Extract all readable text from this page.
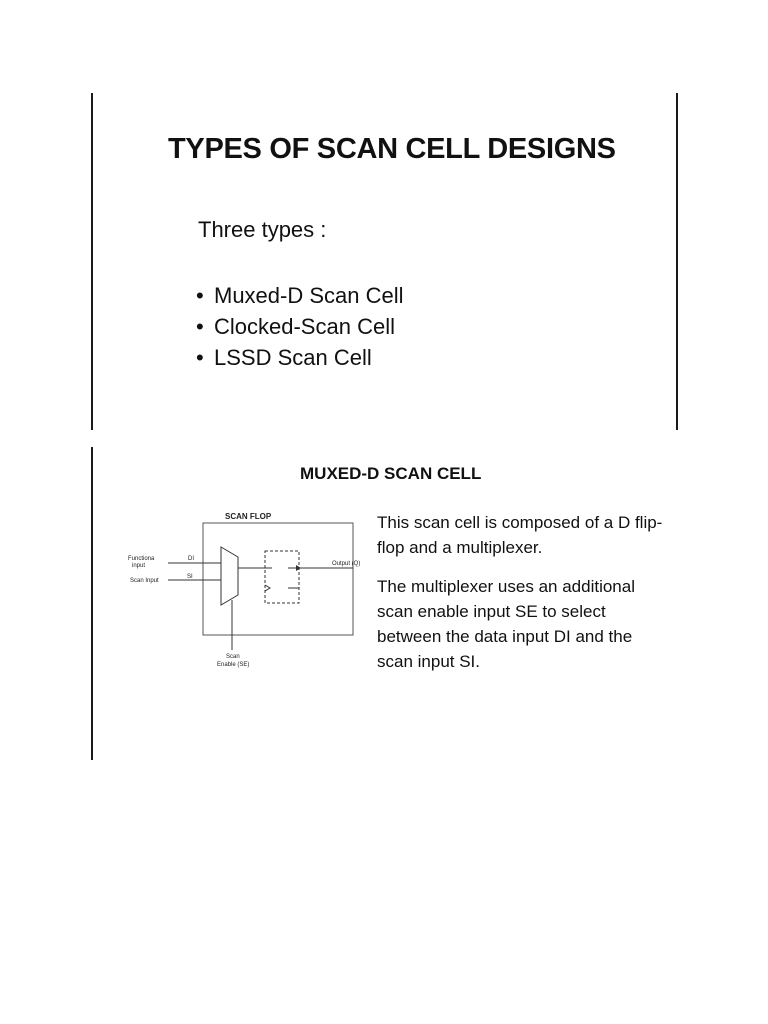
TYPES OF SCAN CELL DESIGNS
Three types :
• Muxed-D Scan Cell
• Clocked-Scan Cell
• LSSD Scan Cell
MUXED-D SCAN CELL
SCAN FLOP
Functiona
input
DI
Scan Input
SI
Scan
Enable (SE)
Output (Q)

This scan cell is composed of a D flip-flop and a multiplexer.

The multiplexer uses an additional scan enable input SE to select between the data input DI and the scan input SI.
